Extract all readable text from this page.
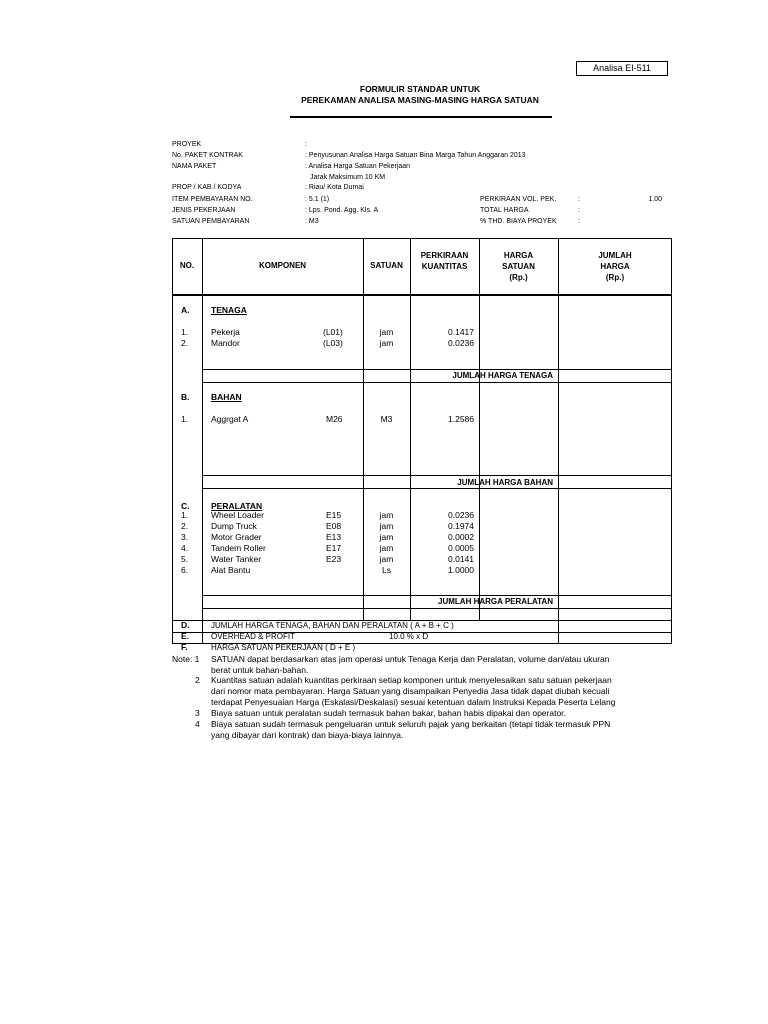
Analisa EI-511
FORMULIR STANDAR UNTUK
PEREKAMAN ANALISA MASING-MASING HARGA SATUAN
PROYEK	:
No. PAKET KONTRAK	: Penyusunan Analisa Harga Satuan Bina Marga Tahun Anggaran 2013
NAMA PAKET	: Analisa Harga Satuan Pekerjaan
Jarak Maksimum 10 KM
PROP / KAB / KODYA	: Riau/ Kota Dumai
ITEM PEMBAYARAN NO.	: 5.1 (1)
JENIS PEKERJAAN	: Lps. Pond. Agg. Kls. A
SATUAN PEMBAYARAN	: M3
PERKIRAAN VOL. PEK.	:	1.00
TOTAL HARGA	:
% THD. BIAYA PROYEK	:
NO.	KOMPONEN	SATUAN
PERKIRAAN
KUANTITAS
HARGA
SATUAN
(Rp.)
JUMLAH
HARGA
(Rp.)
A.	TENAGA
1.	Pekerja	(L01)	jam	0.1417
2.	Mandor	(L03)	jam	0.0236
JUMLAH HARGA TENAGA
B.	BAHAN
1.	Aggrgat A	M26	M3	1.2586
JUMLAH HARGA BAHAN
C.	PERALATAN
1.	Wheel Loader	E15	jam	0.0236
2.	Dump Truck	E08	jam	0.1974
3.	Motor Grader	E13	jam	0.0002
4.	Tandem Roller	E17	jam	0.0005
5.	Water Tanker	E23	jam	0.0141
6.	Alat Bantu	Ls	1.0000
JUMLAH HARGA PERALATAN
D.	JUMLAH HARGA TENAGA, BAHAN DAN PERALATAN ( A + B + C )
E.	OVERHEAD & PROFIT	10.0 % x D
F.	HARGA SATUAN PEKERJAAN ( D + E )
Note: 1 SATUAN dapat berdasarkan atas jam operasi untuk Tenaga Kerja dan Peralatan, volume dan/atau ukuran
berat untuk bahan-bahan.
2 Kuantitas satuan adalah kuantitas perkiraan setiap komponen untuk menyelesaikan satu satuan pekerjaan
dari nomor mata pembayaran. Harga Satuan yang disampaikan Penyedia Jasa tidak dapat diubah kecuali
terdapat Penyesuaian Harga (Eskalasi/Deskalasi) sesuai ketentuan dalam Instruksi Kepada Peserta Lelang
3 Biaya satuan untuk peralatan sudah termasuk bahan bakar, bahan habis dipakai dan operator.
4 Biaya satuan sudah termasuk pengeluaran untuk seluruh pajak yang berkaitan (tetapi tidak termasuk PPN
yang dibayar dari kontrak) dan biaya-biaya lainnya.
